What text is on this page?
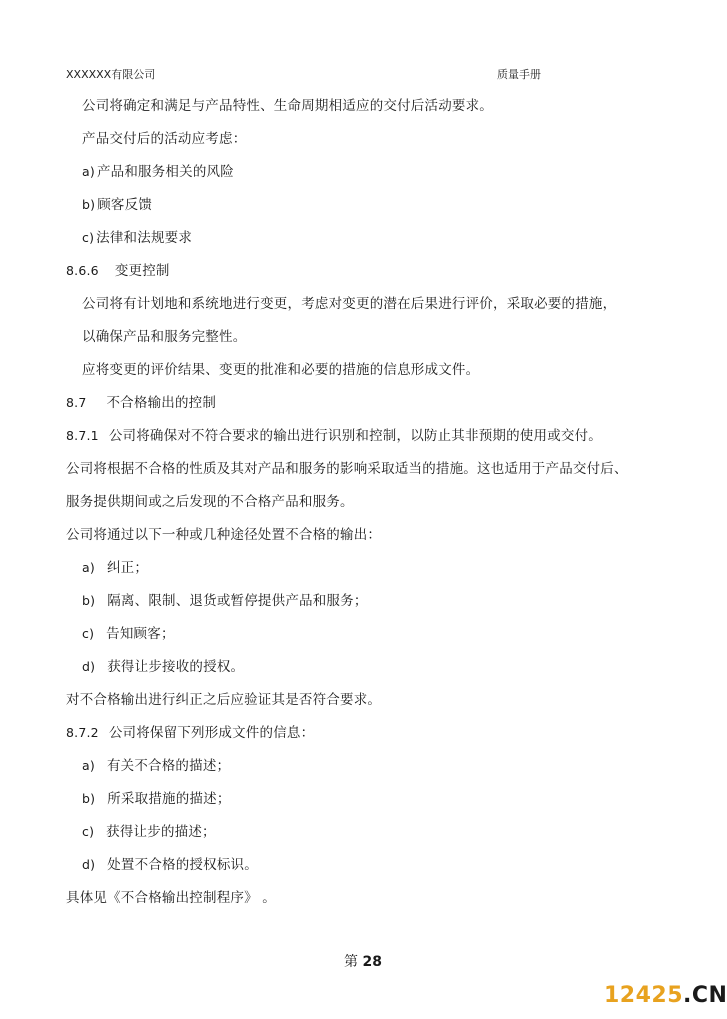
XXXXXX有限公司	质量手册
公司将确定和满足与产品特性、生命周期相适应的交付后活动要求。
产品交付后的活动应考虑：
a) 产品和服务相关的风险
b) 顾客反馈
c) 法律和法规要求
8.6.6 变更控制
公司将有计划地和系统地进行变更，考虑对变更的潜在后果进行评价，采取必要的措施，
以确保产品和服务完整性。
应将变更的评价结果、变更的批准和必要的措施的信息形成文件。
8.7 不合格输出的控制
8.7.1 公司将确保对不符合要求的输出进行识别和控制，以防止其非预期的使用或交付。
公司将根据不合格的性质及其对产品和服务的影响采取适当的措施。这也适用于产品交付后、
服务提供期间或之后发现的不合格产品和服务。
公司将通过以下一种或几种途径处置不合格的输出：
a) 纠正；
b) 隔离、限制、退货或暂停提供产品和服务；
c) 告知顾客；
d) 获得让步接收的授权。
对不合格输出进行纠正之后应验证其是否符合要求。
8.7.2 公司将保留下列形成文件的信息：
a) 有关不合格的描述；
b) 所采取措施的描述；
c) 获得让步的描述；
d) 处置不合格的授权标识。
具体见《不合格输出控制程序》 。
第 28
12425.CN
